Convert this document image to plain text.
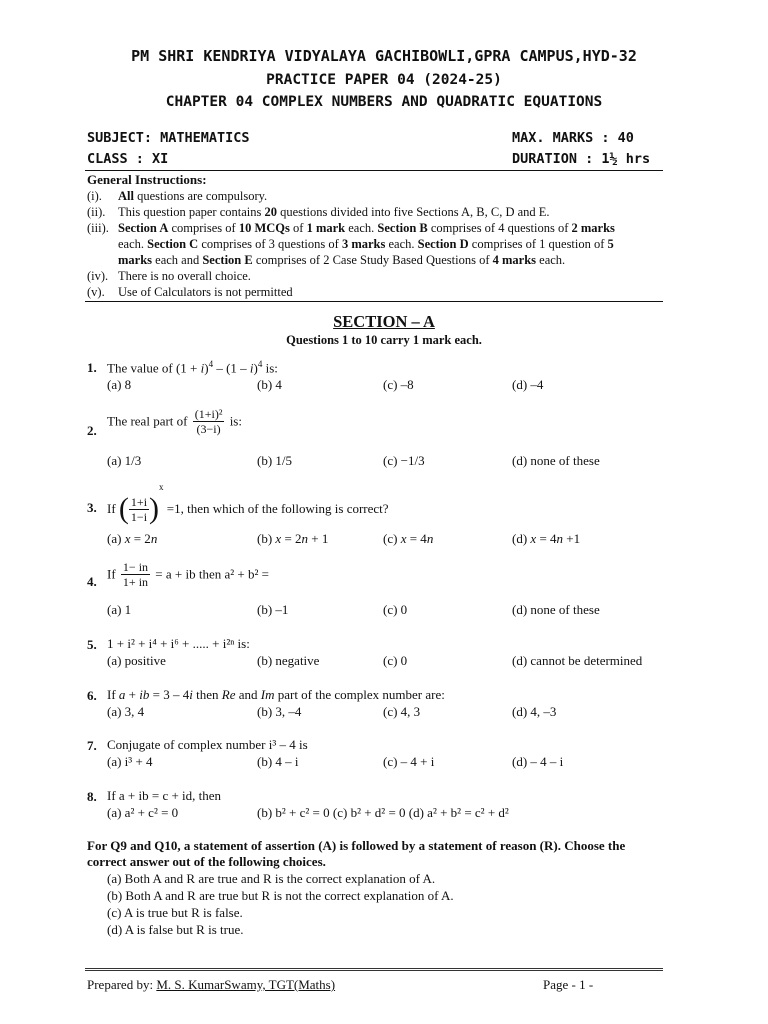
PM SHRI KENDRIYA VIDYALAYA GACHIBOWLI,GPRA CAMPUS,HYD-32
PRACTICE PAPER 04 (2024-25)
CHAPTER 04 COMPLEX NUMBERS AND QUADRATIC EQUATIONS
SUBJECT: MATHEMATICS	MAX. MARKS : 40
CLASS : XI	DURATION : 1½ hrs
General Instructions:
(i). All questions are compulsory.
(ii). This question paper contains 20 questions divided into five Sections A, B, C, D and E.
(iii). Section A comprises of 10 MCQs of 1 mark each. Section B comprises of 4 questions of 2 marks
each. Section C comprises of 3 questions of 3 marks each. Section D comprises of 1 question of 5
marks each and Section E comprises of 2 Case Study Based Questions of 4 marks each.
(iv). There is no overall choice.
(v). Use of Calculators is not permitted
SECTION – A
Questions 1 to 10 carry 1 mark each.
1. The value of $(1 + i)^4 - (1 - i)^4$ is:
(a) 8	(b) 4	(c) –8	(d) –4
2.
The real part of $\frac{\text{(1+i)²}}{(3-i)}$ is:
(a) 1/3	(b) 1/5	(c) −1/3	(d) none of these
3. If ( $\frac{1+i}{1-i} )^x =1$, then which of the following is correct?
(a) x = 2n	(b) x = 2n + 1	(c) x = 4n	(d) x = 4n +1
4. If $\frac{1- in}{1+ in} = a$ + ib then a² + b² =
(a) 1	(b) –1	(c) 0	(d) none of these
5. 1 + i² + i⁴ + i⁶ + ..... + i²ⁿ is:
(a) positive	(b) negative	(c) 0	(d) cannot be determined
6. If a + ib = 3 – 4i then Re and Im part of the complex number are:
(a) 3, 4	(b) 3, –4	(c) 4, 3	(d) 4, –3
7. Conjugate of complex number i³ – 4 is
(a) i³ + 4	(b) 4 – i	(c) – 4 + i	(d) – 4 – i
8. If a + ib = c + id, then
(a) a² + c² = 0	(b) b² + c² = 0 (c) b² + d² = 0 (d) a² + b² = c² + d²
For Q9 and Q10, a statement of assertion (A) is followed by a statement of reason (R). Choose the
correct answer out of the following choices.
(a) Both A and R are true and R is the correct explanation of A.
(b) Both A and R are true but R is not the correct explanation of A.
(c) A is true but R is false.
(d) A is false but R is true.
Prepared by: M. S. KumarSwamy, TGT(Maths)	Page - 1 -
